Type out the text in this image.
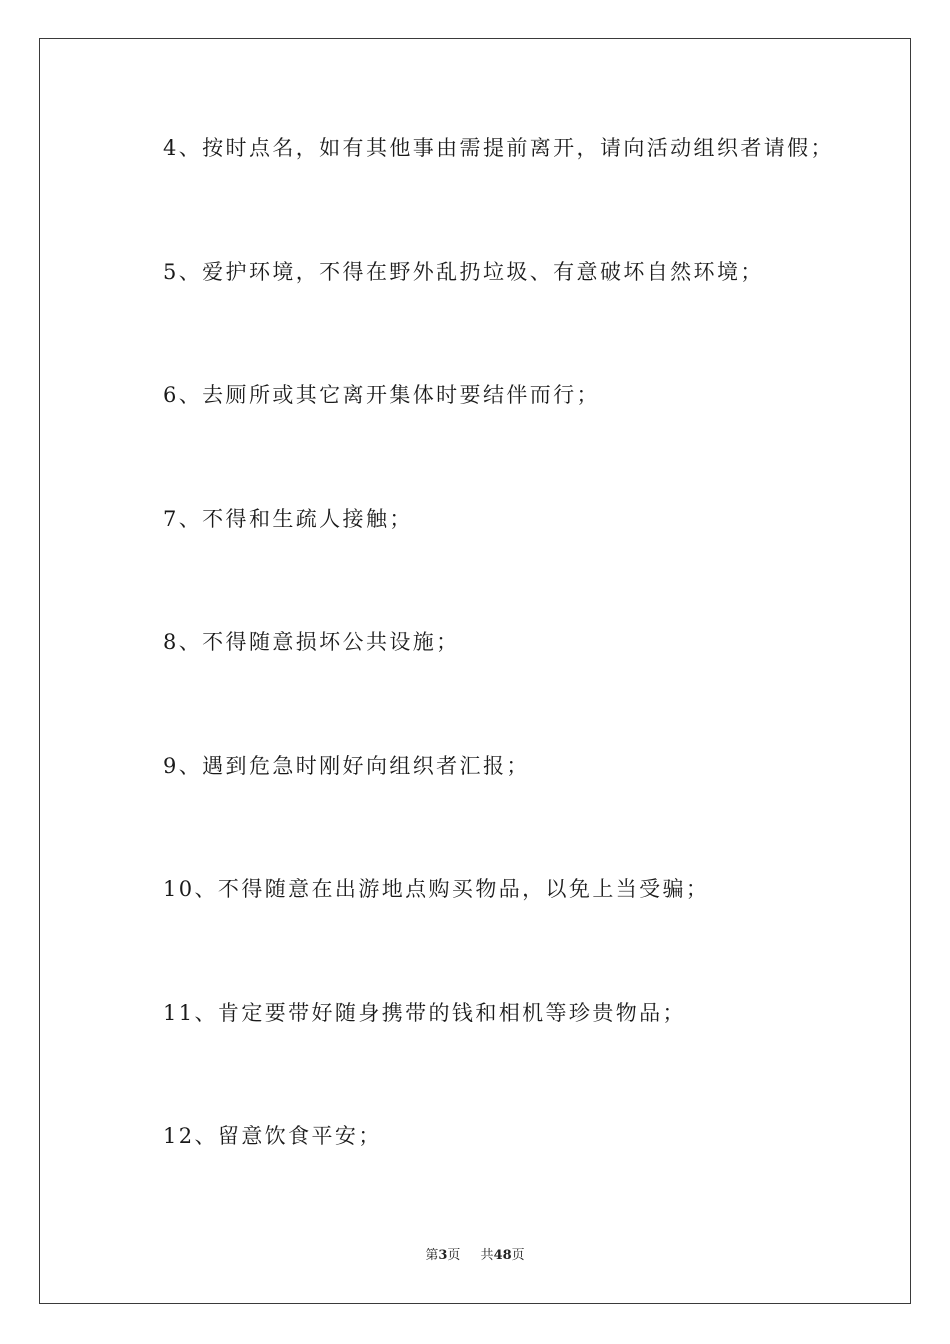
4、按时点名，如有其他事由需提前离开，请向活动组织者请假；
5、爱护环境，不得在野外乱扔垃圾、有意破坏自然环境；
6、去厕所或其它离开集体时要结伴而行；
7、不得和生疏人接触；
8、不得随意损坏公共设施；
9、遇到危急时刚好向组织者汇报；
10、不得随意在出游地点购买物品，以免上当受骗；
11、肯定要带好随身携带的钱和相机等珍贵物品；
12、留意饮食平安；
第3页 共48页
